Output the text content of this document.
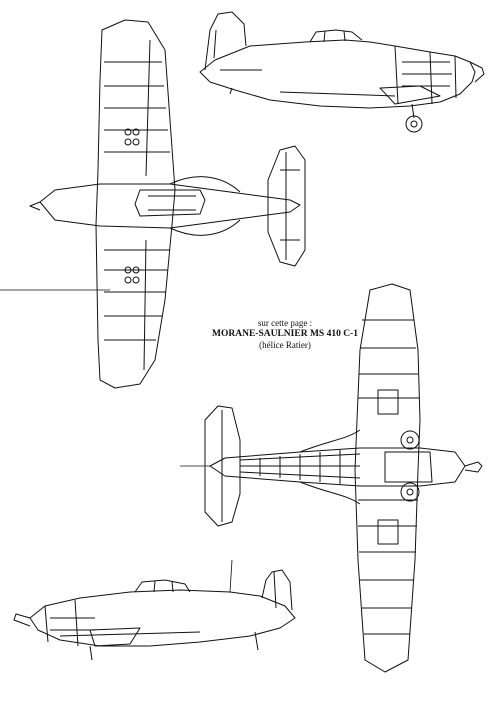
sur cette page :
MORANE-SAULNIER MS 410 C-1
(hélice Ratier)
